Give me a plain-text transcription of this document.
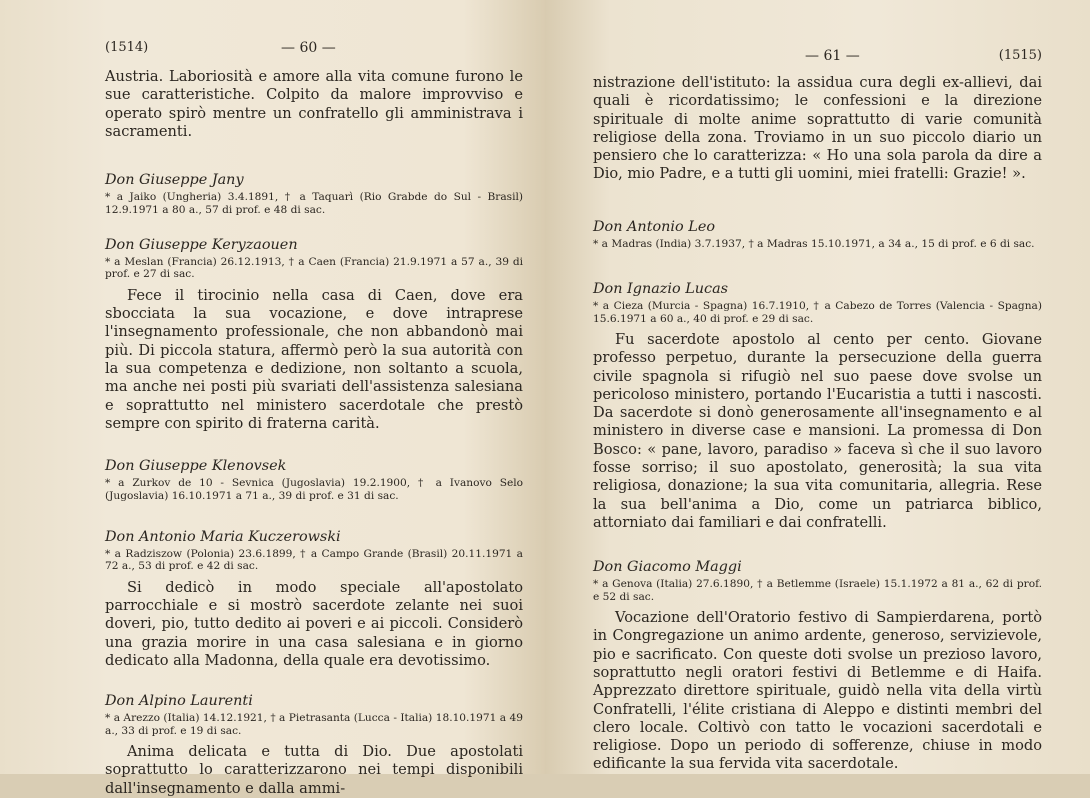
(1514)	— 60 —

Austria. Laboriosità e amore alla vita comune furono le sue caratteristiche. Colpito da malore improvviso e operato spirò mentre un confratello gli amministrava i sacramenti.

Don Giuseppe Jany

* a Jaiko (Ungheria) 3.4.1891, † a Taquarì (Rio Grabde do Sul - Brasil) 12.9.1971 a 80 a., 57 di prof. e 48 di sac.

Don Giuseppe Keryzaouen

* a Meslan (Francia) 26.12.1913, † a Caen (Francia) 21.9.1971 a 57 a., 39 di prof. e 27 di sac.

Fece il tirocinio nella casa di Caen, dove era sbocciata la sua vocazione, e dove intraprese l'insegnamento professionale, che non abbandonò mai più. Di piccola statura, affermò però la sua autorità con la sua competenza e dedizione, non soltanto a scuola, ma anche nei posti più svariati dell'assistenza salesiana e soprattutto nel ministero sacerdotale che prestò sempre con spirito di fraterna carità.

Don Giuseppe Klenovsek

* a Zurkov de 10 - Sevnica (Jugoslavia) 19.2.1900, † a Ivanovo Selo (Jugoslavia) 16.10.1971 a 71 a., 39 di prof. e 31 di sac.

Don Antonio Maria Kuczerowski

* a Radziszow (Polonia) 23.6.1899, † a Campo Grande (Brasil) 20.11.1971 a 72 a., 53 di prof. e 42 di sac.

Si dedicò in modo speciale all'apostolato parrocchiale e si mostrò sacerdote zelante nei suoi doveri, pio, tutto dedito ai poveri e ai piccoli. Considerò una grazia morire in una casa salesiana e in giorno dedicato alla Madonna, della quale era devotissimo.

Don Alpino Laurenti

* a Arezzo (Italia) 14.12.1921, † a Pietrasanta (Lucca - Italia) 18.10.1971 a 49 a., 33 di prof. e 19 di sac.

Anima delicata e tutta di Dio. Due apostolati soprattutto lo caratterizzarono nei tempi disponibili dall'insegnamento e dalla ammi-

— 61 —	(1515)

nistrazione dell'istituto: la assidua cura degli ex-allievi, dai quali è ricordatissimo; le confessioni e la direzione spirituale di molte anime soprattutto di varie comunità religiose della zona. Troviamo in un suo piccolo diario un pensiero che lo caratterizza: « Ho una sola parola da dire a Dio, mio Padre, e a tutti gli uomini, miei fratelli: Grazie! ».

Don Antonio Leo

* a Madras (India) 3.7.1937, † a Madras 15.10.1971, a 34 a., 15 di prof. e 6 di sac.

Don Ignazio Lucas

* a Cieza (Murcia - Spagna) 16.7.1910, † a Cabezo de Torres (Valencia - Spagna) 15.6.1971 a 60 a., 40 di prof. e 29 di sac.

Fu sacerdote apostolo al cento per cento. Giovane professo perpetuo, durante la persecuzione della guerra civile spagnola si rifugiò nel suo paese dove svolse un pericoloso ministero, portando l'Eucaristia a tutti i nascosti. Da sacerdote si donò generosamente all'insegnamento e al ministero in diverse case e mansioni. La promessa di Don Bosco: « pane, lavoro, paradiso » faceva sì che il suo lavoro fosse sorriso; il suo apostolato, generosità; la sua vita religiosa, donazione; la sua vita comunitaria, allegria. Rese la sua bell'anima a Dio, come un patriarca biblico, attorniato dai familiari e dai confratelli.

Don Giacomo Maggi

* a Genova (Italia) 27.6.1890, † a Betlemme (Israele) 15.1.1972 a 81 a., 62 di prof. e 52 di sac.

Vocazione dell'Oratorio festivo di Sampierdarena, portò in Congregazione un animo ardente, generoso, servizievole, pio e sacrificato. Con queste doti svolse un prezioso lavoro, soprattutto negli oratori festivi di Betlemme e di Haifa. Apprezzato direttore spirituale, guidò nella vita della virtù Confratelli, l'élite cristiana di Aleppo e distinti membri del clero locale. Coltivò con tatto le vocazioni sacerdotali e religiose. Dopo un periodo di sofferenze, chiuse in modo edificante la sua fervida vita sacerdotale.
